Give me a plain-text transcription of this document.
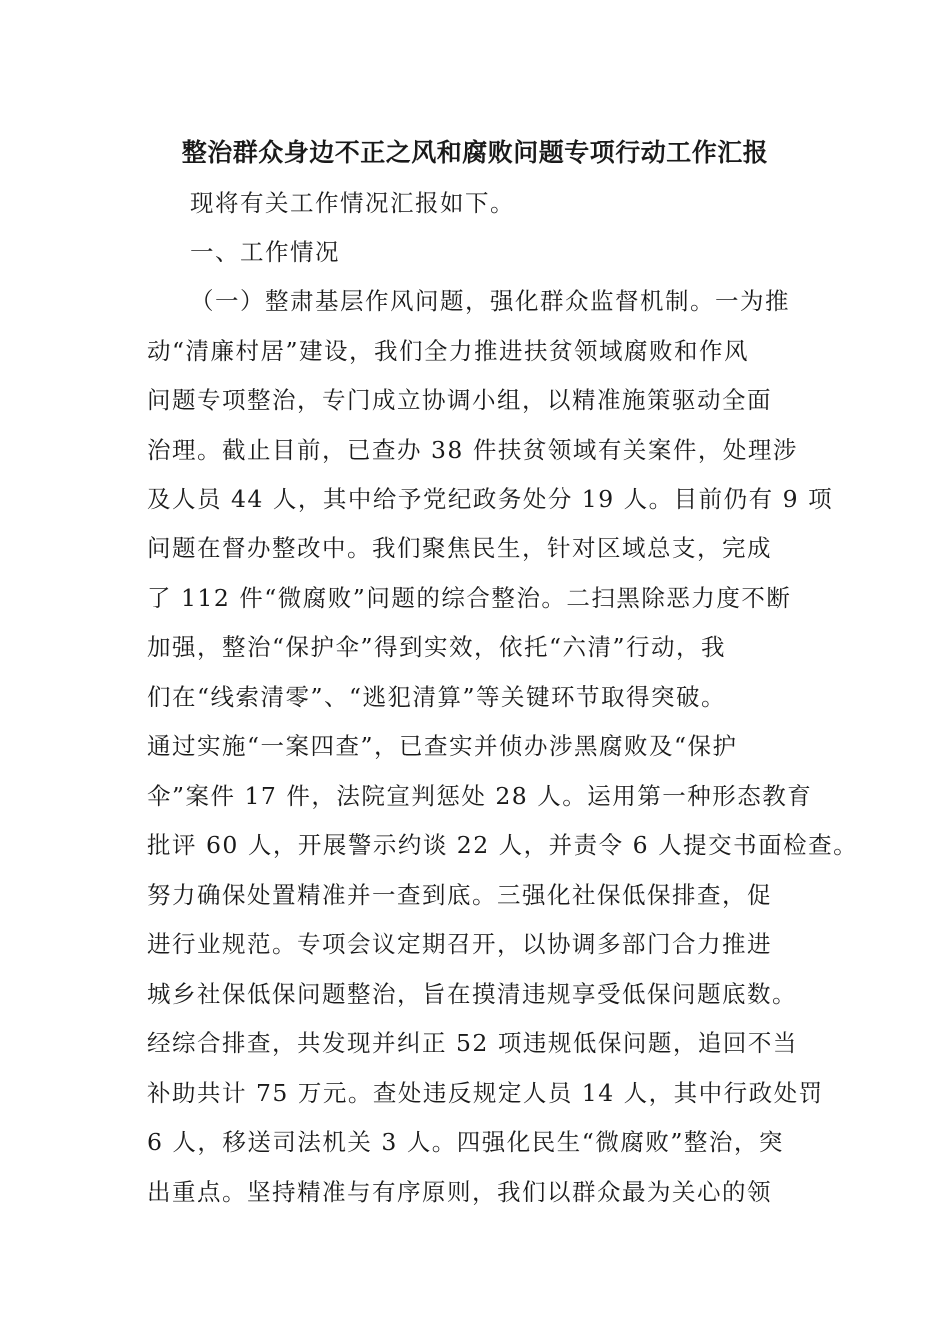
整治群众身边不正之风和腐败问题专项行动工作汇报

现将有关工作情况汇报如下。

一、工作情况

（一）整肃基层作风问题，强化群众监督机制。一为推

动“清廉村居”建设，我们全力推进扶贫领域腐败和作风

问题专项整治，专门成立协调小组，以精准施策驱动全面

治理。截止目前，已查办 38 件扶贫领域有关案件，处理涉

及人员 44 人，其中给予党纪政务处分 19 人。目前仍有 9 项

问题在督办整改中。我们聚焦民生，针对区域总支，完成

了 112 件“微腐败”问题的综合整治。二扫黑除恶力度不断

加强，整治“保护伞”得到实效，依托“六清”行动，我

们在“线索清零”、“逃犯清算”等关键环节取得突破。

通过实施“一案四查”，已查实并侦办涉黑腐败及“保护

伞”案件 17 件，法院宣判惩处 28 人。运用第一种形态教育

批评 60 人，开展警示约谈 22 人，并责令 6 人提交书面检查。

努力确保处置精准并一查到底。三强化社保低保排查，促

进行业规范。专项会议定期召开，以协调多部门合力推进

城乡社保低保问题整治，旨在摸清违规享受低保问题底数。

经综合排查，共发现并纠正 52 项违规低保问题，追回不当

补助共计 75 万元。查处违反规定人员 14 人，其中行政处罚

6 人，移送司法机关 3 人。四强化民生“微腐败”整治，突

出重点。坚持精准与有序原则，我们以群众最为关心的领
